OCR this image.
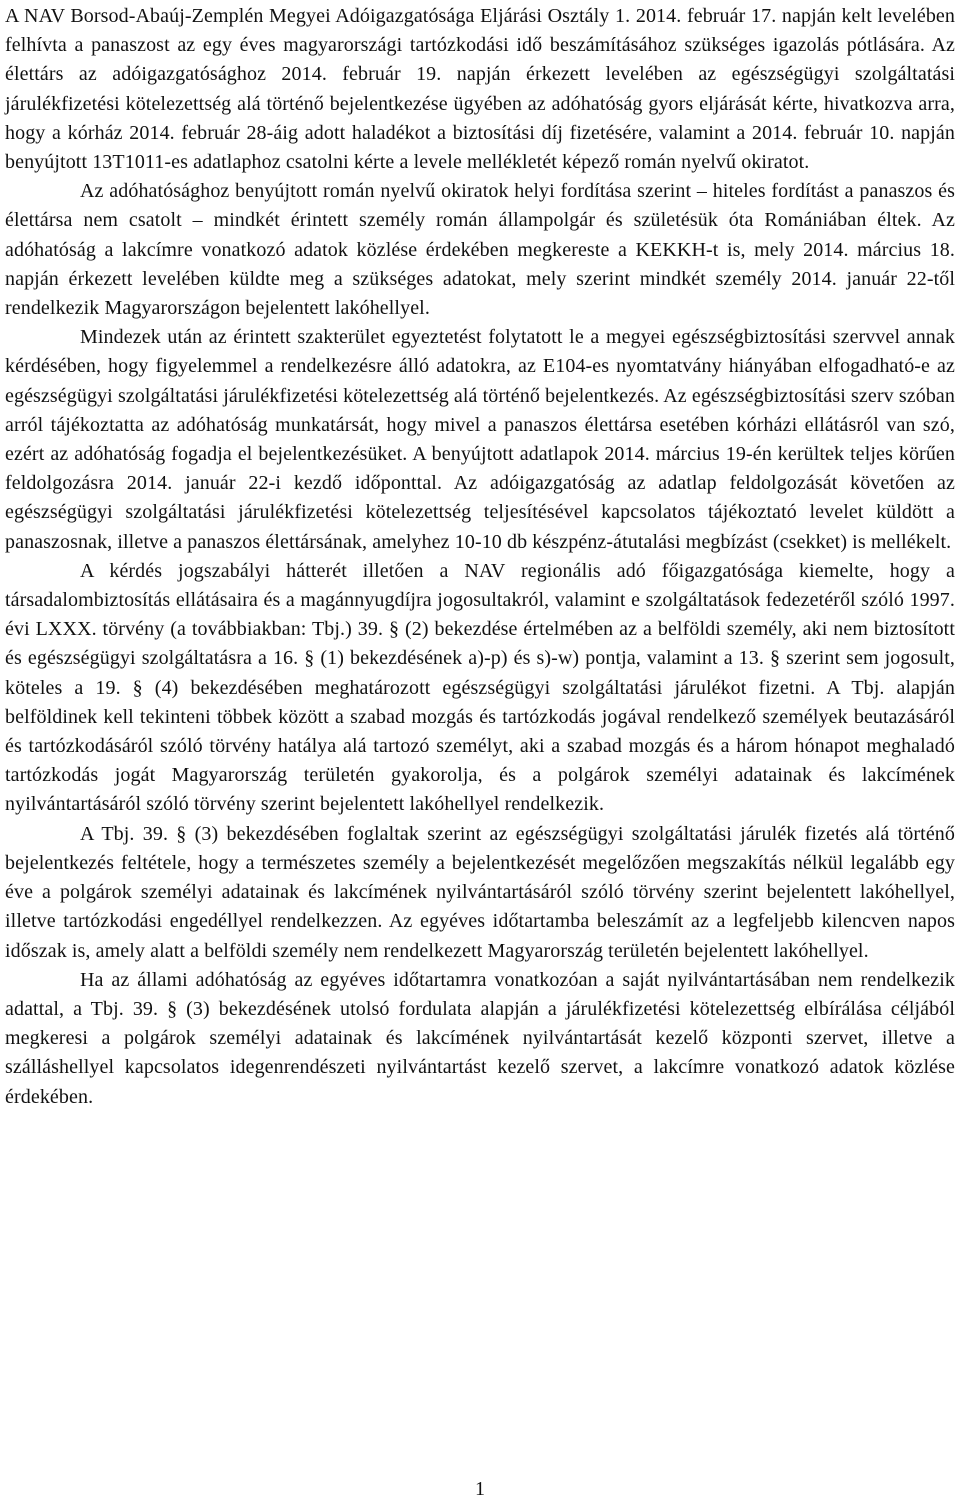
A NAV Borsod-Abaúj-Zemplén Megyei Adóigazgatósága Eljárási Osztály 1. 2014. február 17. napján kelt levelében felhívta a panaszost az egy éves magyarországi tartózkodási idő beszámításához szükséges igazolás pótlására. Az élettárs az adóigazgatósághoz 2014. február 19. napján érkezett levelében az egészségügyi szolgáltatási járulékfizetési kötelezettség alá történő bejelentkezése ügyében az adóhatóság gyors eljárását kérte, hivatkozva arra, hogy a kórház 2014. február 28-áig adott haladékot a biztosítási díj fizetésére, valamint a 2014. február 10. napján benyújtott 13T1011-es adatlaphoz csatolni kérte a levele mellékletét képező román nyelvű okiratot.

Az adóhatósághoz benyújtott román nyelvű okiratok helyi fordítása szerint – hiteles fordítást a panaszos és élettársa nem csatolt – mindkét érintett személy román állampolgár és születésük óta Romániában éltek. Az adóhatóság a lakcímre vonatkozó adatok közlése érdekében megkereste a KEKKH-t is, mely 2014. március 18. napján érkezett levelében küldte meg a szükséges adatokat, mely szerint mindkét személy 2014. január 22-től rendelkezik Magyarországon bejelentett lakóhellyel.

Mindezek után az érintett szakterület egyeztetést folytatott le a megyei egészségbiztosítási szervvel annak kérdésében, hogy figyelemmel a rendelkezésre álló adatokra, az E104-es nyomtatvány hiányában elfogadható-e az egészségügyi szolgáltatási járulékfizetési kötelezettség alá történő bejelentkezés. Az egészségbiztosítási szerv szóban arról tájékoztatta az adóhatóság munkatársát, hogy mivel a panaszos élettársa esetében kórházi ellátásról van szó, ezért az adóhatóság fogadja el bejelentkezésüket. A benyújtott adatlapok 2014. március 19-én kerültek teljes körűen feldolgozásra 2014. január 22-i kezdő időponttal. Az adóigazgatóság az adatlap feldolgozását követően az egészségügyi szolgáltatási járulékfizetési kötelezettség teljesítésével kapcsolatos tájékoztató levelet küldött a panaszosnak, illetve a panaszos élettársának, amelyhez 10-10 db készpénz-átutalási megbízást (csekket) is mellékelt.

A kérdés jogszabályi hátterét illetően a NAV regionális adó főigazgatósága kiemelte, hogy a társadalombiztosítás ellátásaira és a magánnyugdíjra jogosultakról, valamint e szolgáltatások fedezetéről szóló 1997. évi LXXX. törvény (a továbbiakban: Tbj.) 39. § (2) bekezdése értelmében az a belföldi személy, aki nem biztosított és egészségügyi szolgáltatásra a 16. § (1) bekezdésének a)-p) és s)-w) pontja, valamint a 13. § szerint sem jogosult, köteles a 19. § (4) bekezdésében meghatározott egészségügyi szolgáltatási járulékot fizetni. A Tbj. alapján belföldinek kell tekinteni többek között a szabad mozgás és tartózkodás jogával rendelkező személyek beutazásáról és tartózkodásáról szóló törvény hatálya alá tartozó személyt, aki a szabad mozgás és a három hónapot meghaladó tartózkodás jogát Magyarország területén gyakorolja, és a polgárok személyi adatainak és lakcímének nyilvántartásáról szóló törvény szerint bejelentett lakóhellyel rendelkezik.

A Tbj. 39. § (3) bekezdésében foglaltak szerint az egészségügyi szolgáltatási járulék fizetés alá történő bejelentkezés feltétele, hogy a természetes személy a bejelentkezését megelőzően megszakítás nélkül legalább egy éve a polgárok személyi adatainak és lakcímének nyilvántartásáról szóló törvény szerint bejelentett lakóhellyel, illetve tartózkodási engedéllyel rendelkezzen. Az egyéves időtartamba beleszámít az a legfeljebb kilencven napos időszak is, amely alatt a belföldi személy nem rendelkezett Magyarország területén bejelentett lakóhellyel.

Ha az állami adóhatóság az egyéves időtartamra vonatkozóan a saját nyilvántartásában nem rendelkezik adattal, a Tbj. 39. § (3) bekezdésének utolsó fordulata alapján a járulékfizetési kötelezettség elbírálása céljából megkeresi a polgárok személyi adatainak és lakcímének nyilvántartását kezelő központi szervet, illetve a szálláshellyel kapcsolatos idegenrendészeti nyilvántartást kezelő szervet, a lakcímre vonatkozó adatok közlése érdekében.

1
